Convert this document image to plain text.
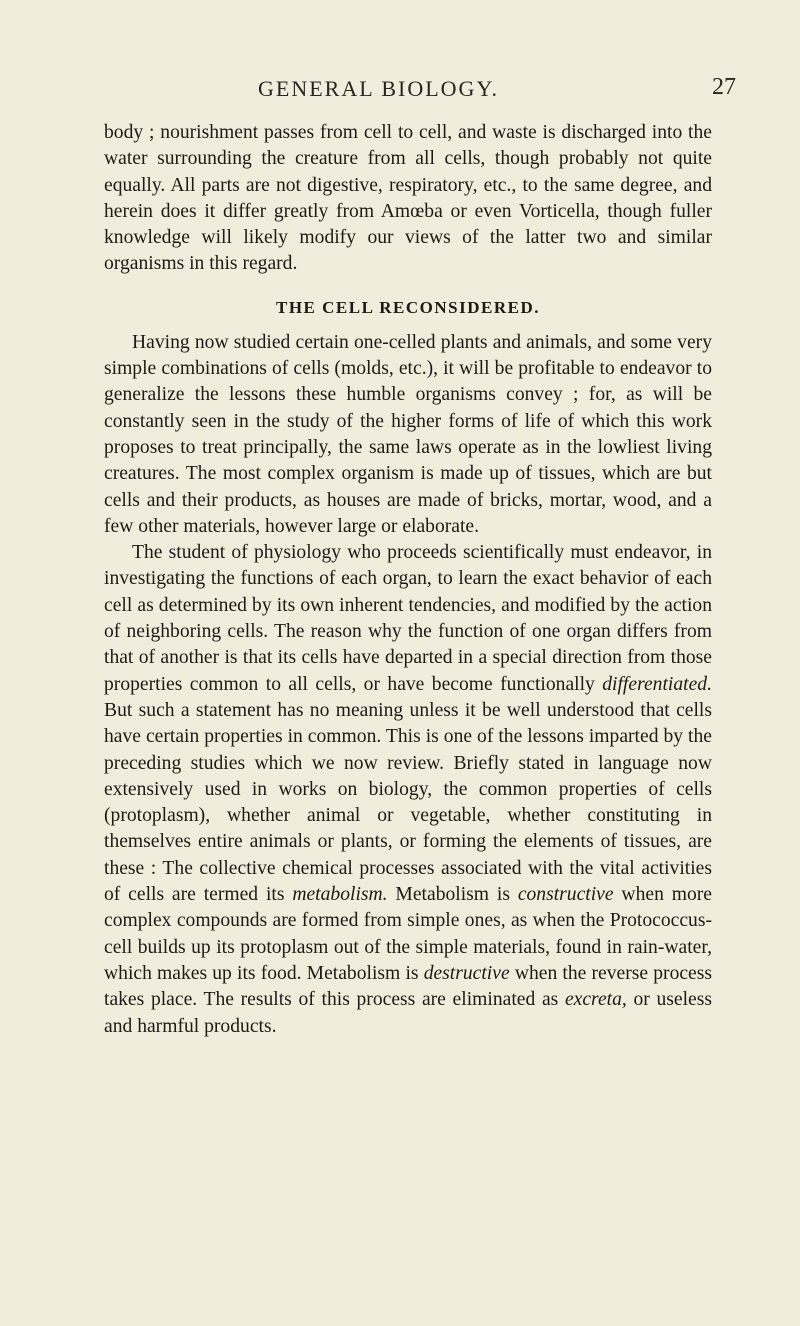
GENERAL BIOLOGY.	27

body ; nourishment passes from cell to cell, and waste is discharged into the water surrounding the creature from all cells, though probably not quite equally. All parts are not digestive, respiratory, etc., to the same degree, and herein does it differ greatly from Amœba or even Vorticella, though fuller knowledge will likely modify our views of the latter two and similar organisms in this regard.

THE CELL RECONSIDERED.

Having now studied certain one-celled plants and animals, and some very simple combinations of cells (molds, etc.), it will be profitable to endeavor to generalize the lessons these humble organisms convey ; for, as will be constantly seen in the study of the higher forms of life of which this work proposes to treat principally, the same laws operate as in the lowliest living creatures. The most complex organism is made up of tissues, which are but cells and their products, as houses are made of bricks, mortar, wood, and a few other materials, however large or elaborate.

The student of physiology who proceeds scientifically must endeavor, in investigating the functions of each organ, to learn the exact behavior of each cell as determined by its own inherent tendencies, and modified by the action of neighboring cells. The reason why the function of one organ differs from that of another is that its cells have departed in a special direction from those properties common to all cells, or have become functionally differentiated. But such a statement has no meaning unless it be well understood that cells have certain properties in common. This is one of the lessons imparted by the preceding studies which we now review. Briefly stated in language now extensively used in works on biology, the common properties of cells (protoplasm), whether animal or vegetable, whether constituting in themselves entire animals or plants, or forming the elements of tissues, are these : The collective chemical processes associated with the vital activities of cells are termed its metabolism. Metabolism is constructive when more complex compounds are formed from simple ones, as when the Protococcus-cell builds up its protoplasm out of the simple materials, found in rain-water, which makes up its food. Metabolism is destructive when the reverse process takes place. The results of this process are eliminated as excreta, or useless and harmful products.
